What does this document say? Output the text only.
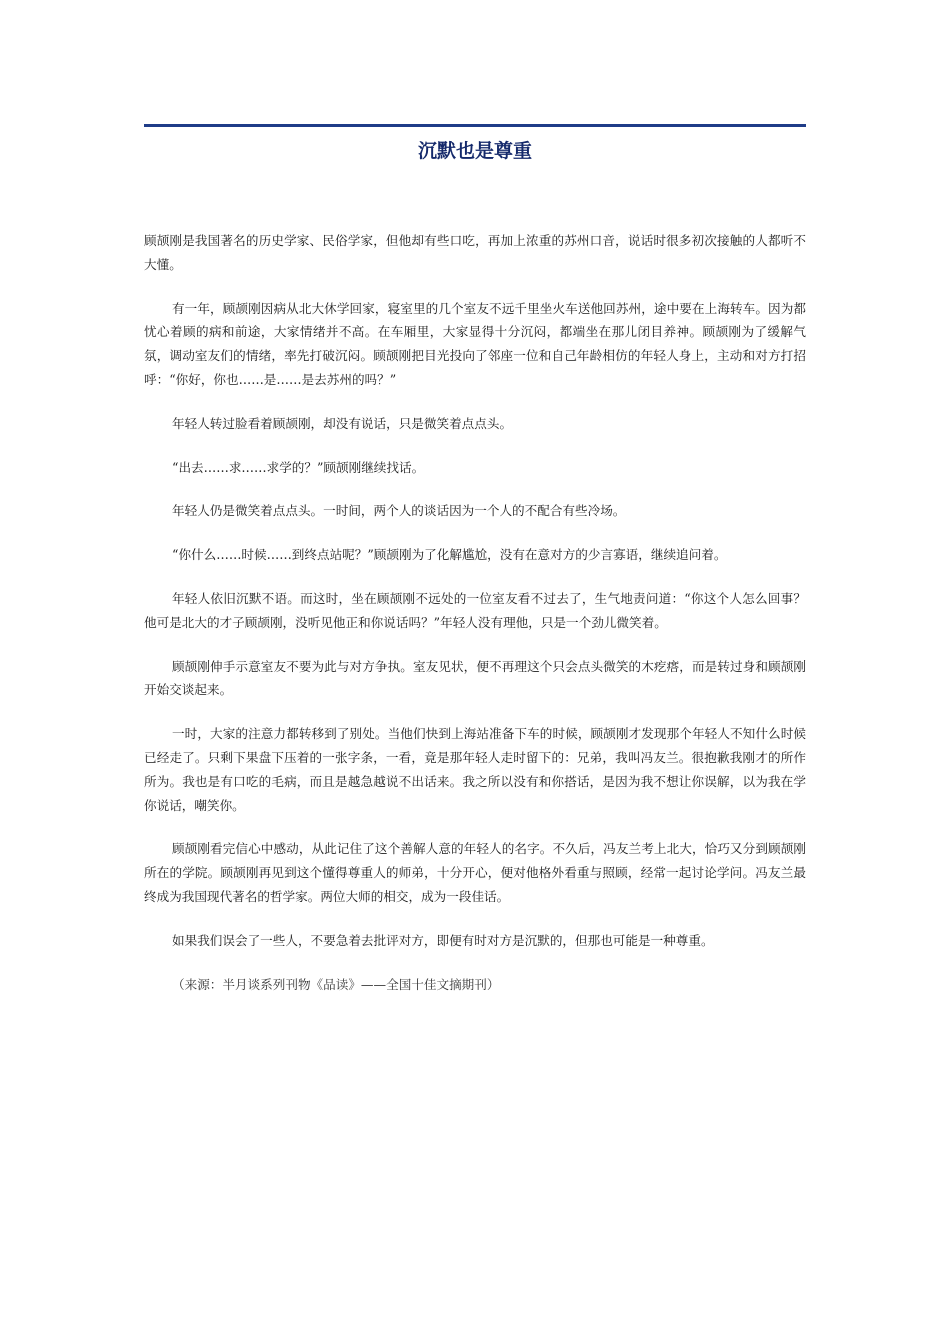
沉默也是尊重

顾颉刚是我国著名的历史学家、民俗学家，但他却有些口吃，再加上浓重的苏州口音，说话时很多初次接触的人都听不大懂。

有一年，顾颉刚因病从北大休学回家，寝室里的几个室友不远千里坐火车送他回苏州，途中要在上海转车。因为都忧心着顾的病和前途，大家情绪并不高。在车厢里，大家显得十分沉闷，都端坐在那儿闭目养神。顾颉刚为了缓解气氛，调动室友们的情绪，率先打破沉闷。顾颉刚把目光投向了邻座一位和自己年龄相仿的年轻人身上，主动和对方打招呼：“你好，你也……是……是去苏州的吗？”

年轻人转过脸看着顾颉刚，却没有说话，只是微笑着点点头。

“出去……求……求学的？”顾颉刚继续找话。

年轻人仍是微笑着点点头。一时间，两个人的谈话因为一个人的不配合有些冷场。

“你什么……时候……到终点站呢？”顾颉刚为了化解尴尬，没有在意对方的少言寡语，继续追问着。

年轻人依旧沉默不语。而这时，坐在顾颉刚不远处的一位室友看不过去了，生气地责问道：“你这个人怎么回事？他可是北大的才子顾颉刚，没听见他正和你说话吗？”年轻人没有理他，只是一个劲儿微笑着。

顾颉刚伸手示意室友不要为此与对方争执。室友见状，便不再理这个只会点头微笑的木疙瘩，而是转过身和顾颉刚开始交谈起来。

一时，大家的注意力都转移到了别处。当他们快到上海站准备下车的时候，顾颉刚才发现那个年轻人不知什么时候已经走了。只剩下果盘下压着的一张字条，一看，竟是那年轻人走时留下的：兄弟，我叫冯友兰。很抱歉我刚才的所作所为。我也是有口吃的毛病，而且是越急越说不出话来。我之所以没有和你搭话，是因为我不想让你误解，以为我在学你说话，嘲笑你。

顾颉刚看完信心中感动，从此记住了这个善解人意的年轻人的名字。不久后，冯友兰考上北大，恰巧又分到顾颉刚所在的学院。顾颉刚再见到这个懂得尊重人的师弟，十分开心，便对他格外看重与照顾，经常一起讨论学问。冯友兰最终成为我国现代著名的哲学家。两位大师的相交，成为一段佳话。

如果我们误会了一些人，不要急着去批评对方，即便有时对方是沉默的，但那也可能是一种尊重。

（来源：半月谈系列刊物《品读》——全国十佳文摘期刊）
